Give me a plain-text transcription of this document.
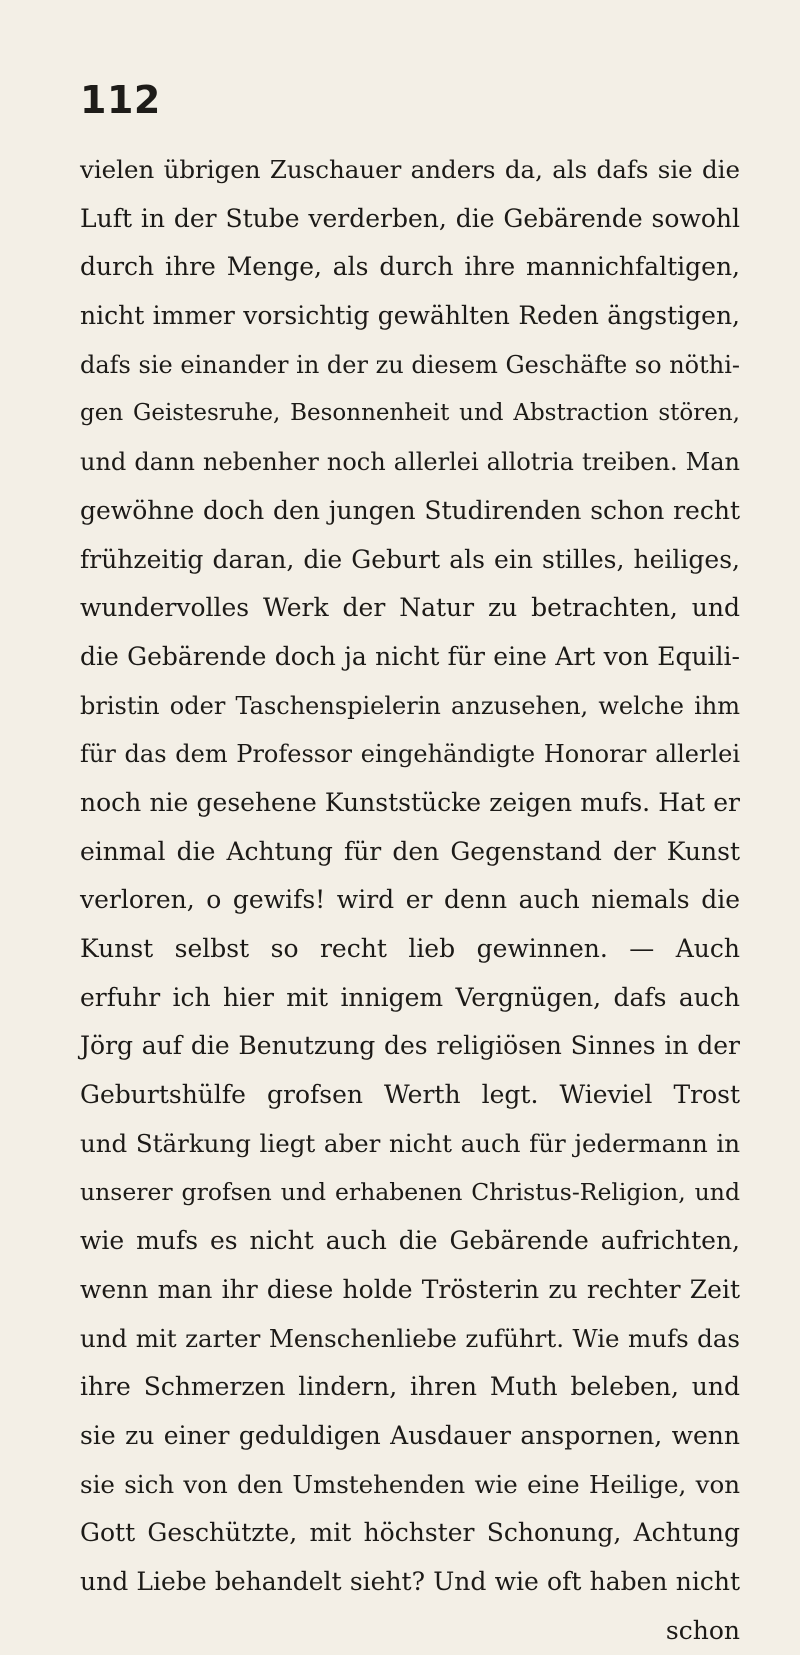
112
vielen übrigen Zuschauer anders da, als dafs sie die
Luft in der Stube verderben, die Gebärende sowohl
durch ihre Menge, als durch ihre mannichfaltigen,
nicht immer vorsichtig gewählten Reden ängstigen,
dafs sie einander in der zu diesem Geschäfte so nöthi-
gen Geistesruhe, Besonnenheit und Abstraction stören,
und dann nebenher noch allerlei allotria treiben. Man
gewöhne doch den jungen Studirenden schon recht
frühzeitig daran, die Geburt als ein stilles, heiliges,
wundervolles Werk der Natur zu betrachten, und
die Gebärende doch ja nicht für eine Art von Equili-
bristin oder Taschenspielerin anzusehen, welche ihm
für das dem Professor eingehändigte Honorar allerlei
noch nie gesehene Kunststücke zeigen mufs. Hat er
einmal die Achtung für den Gegenstand der Kunst
verloren, o gewifs! wird er denn auch niemals die
Kunst selbst so recht lieb gewinnen. — Auch
erfuhr ich hier mit innigem Vergnügen, dafs auch
Jörg auf die Benutzung des religiösen Sinnes in der
Geburtshülfe grofsen Werth legt. Wieviel Trost
und Stärkung liegt aber nicht auch für jedermann in
unserer grofsen und erhabenen Christus-Religion, und
wie mufs es nicht auch die Gebärende aufrichten,
wenn man ihr diese holde Trösterin zu rechter Zeit
und mit zarter Menschenliebe zuführt. Wie mufs das
ihre Schmerzen lindern, ihren Muth beleben, und
sie zu einer geduldigen Ausdauer anspornen, wenn
sie sich von den Umstehenden wie eine Heilige, von
Gott Geschützte, mit höchster Schonung, Achtung
und Liebe behandelt sieht? Und wie oft haben nicht
schon
